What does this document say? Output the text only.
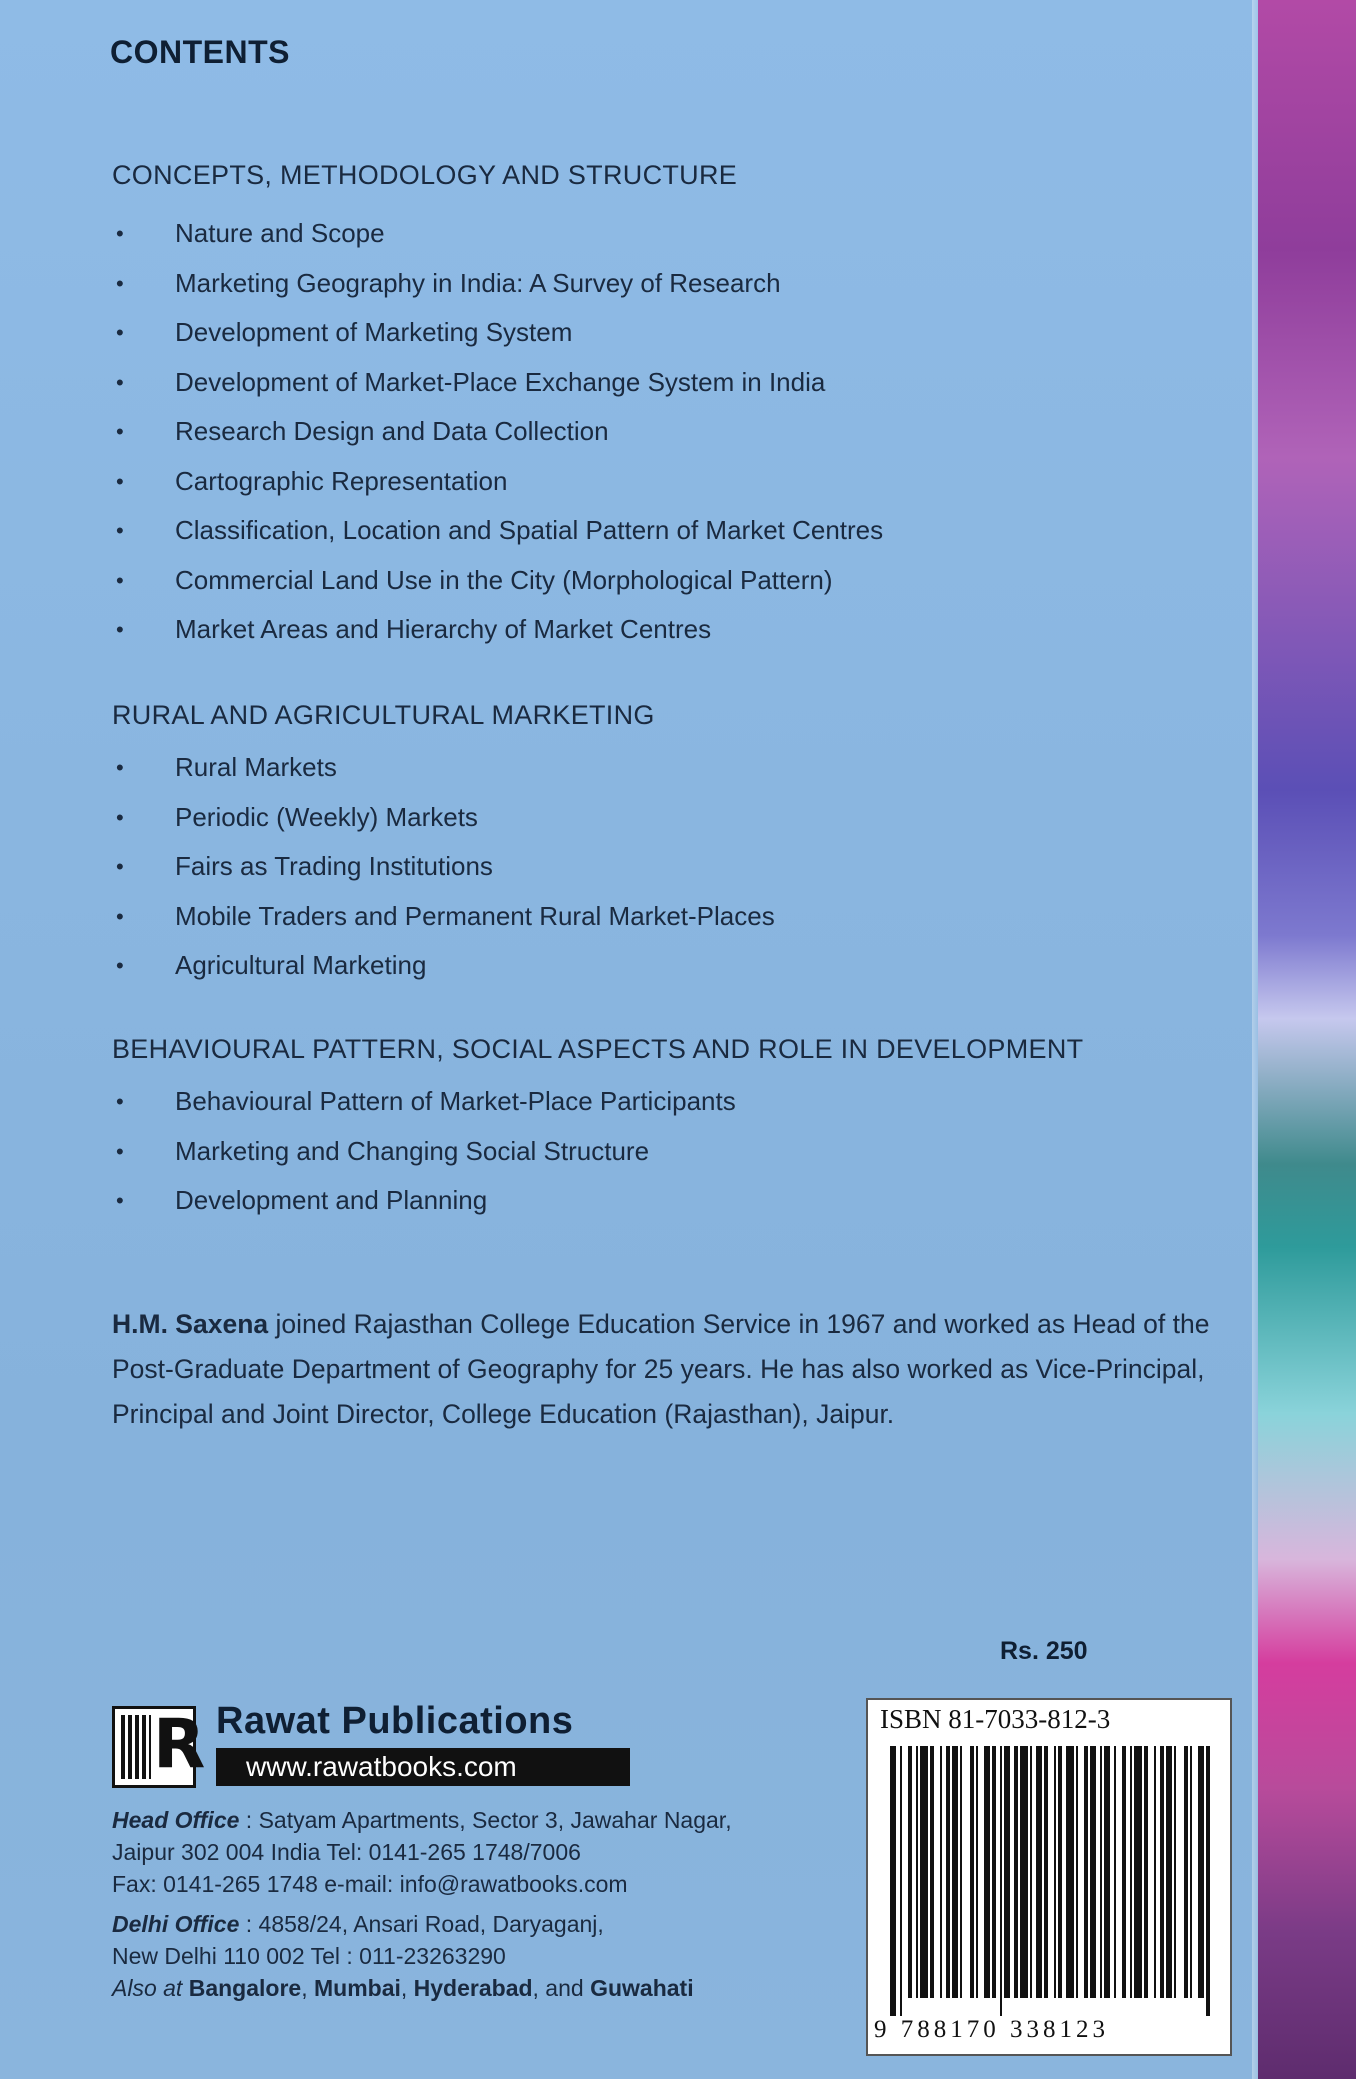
CONTENTS
CONCEPTS, METHODOLOGY AND STRUCTURE
• Nature and Scope
• Marketing Geography in India: A Survey of Research
• Development of Marketing System
• Development of Market-Place Exchange System in India
• Research Design and Data Collection
• Cartographic Representation
• Classification, Location and Spatial Pattern of Market Centres
• Commercial Land Use in the City (Morphological Pattern)
• Market Areas and Hierarchy of Market Centres
RURAL AND AGRICULTURAL MARKETING
• Rural Markets
• Periodic (Weekly) Markets
• Fairs as Trading Institutions
• Mobile Traders and Permanent Rural Market-Places
• Agricultural Marketing
BEHAVIOURAL PATTERN, SOCIAL ASPECTS AND ROLE IN DEVELOPMENT
• Behavioural Pattern of Market-Place Participants
• Marketing and Changing Social Structure
• Development and Planning

H.M. Saxena joined Rajasthan College Education Service in 1967 and worked as Head of the Post-Graduate Department of Geography for 25 years. He has also worked as Vice-Principal, Principal and Joint Director, College Education (Rajasthan), Jaipur.

Rs. 250
R Rawat Publications
www.rawatbooks.com
Head Office : Satyam Apartments, Sector 3, Jawahar Nagar,
Jaipur 302 004 India Tel: 0141-265 1748/7006
Fax: 0141-265 1748 e-mail: info@rawatbooks.com
Delhi Office : 4858/24, Ansari Road, Daryaganj,
New Delhi 110 002 Tel : 011-23263290
Also at Bangalore, Mumbai, Hyderabad, and Guwahati
ISBN 81-7033-812-3
9 788170 338123
